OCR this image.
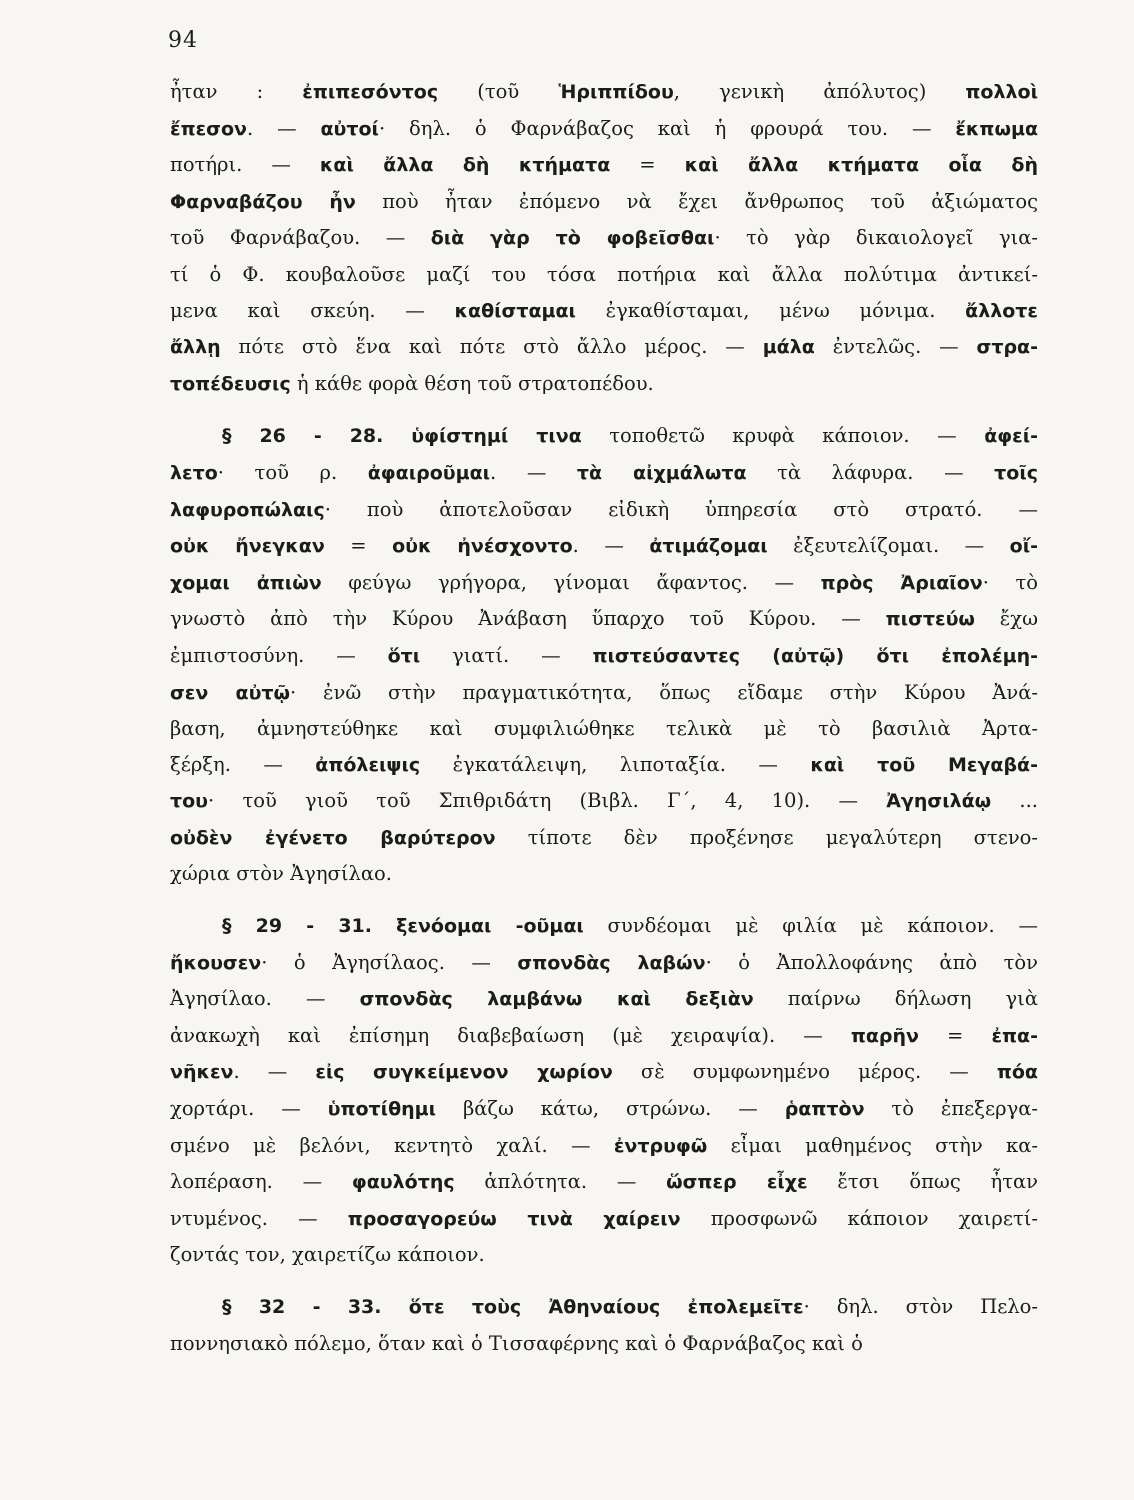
94
ἦταν : ἐπιπεσόντος (τοῦ Ἡριππίδου, γενικὴ ἀπόλυτος) πολλοὶ
ἔπεσον. — αὐτοί· δηλ. ὁ Φαρνάβαζος καὶ ἡ φρουρά του. — ἔκπωμα
ποτήρι. — καὶ ἄλλα δὴ κτήματα = καὶ ἄλλα κτήματα οἷα δὴ
Φαρναβάζου ἦν ποὺ ἦταν ἐπόμενο νὰ ἔχει ἄνθρωπος τοῦ ἀξιώματος
τοῦ Φαρνάβαζου. — διὰ γὰρ τὸ φοβεῖσθαι· τὸ γὰρ δικαιολογεῖ για-
τί ὁ Φ. κουβαλοῦσε μαζί του τόσα ποτήρια καὶ ἄλλα πολύτιμα ἀντικεί-
μενα καὶ σκεύη. — καθίσταμαι ἐγκαθίσταμαι, μένω μόνιμα. ἄλλοτε
ἄλλῃ πότε στὸ ἕνα καὶ πότε στὸ ἄλλο μέρος. — μάλα ἐντελῶς. — στρα-
τοπέδευσις ἡ κάθε φορὰ θέση τοῦ στρατοπέδου.
§ 26 - 28. ὑφίστημί τινα τοποθετῶ κρυφὰ κάποιον. — ἀφεί-
λετο· τοῦ ρ. ἀφαιροῦμαι. — τὰ αἰχμάλωτα τὰ λάφυρα. — τοῖς
λαφυροπώλαις· ποὺ ἀποτελοῦσαν εἰδικὴ ὑπηρεσία στὸ στρατό. —
οὐκ ἤνεγκαν = οὐκ ἠνέσχοντο. — ἀτιμάζομαι ἐξευτελίζομαι. — οἴ-
χομαι ἀπιὼν φεύγω γρήγορα, γίνομαι ἄφαντος. — πρὸς Ἀριαῖον· τὸ
γνωστὸ ἀπὸ τὴν Κύρου Ἀνάβαση ὕπαρχο τοῦ Κύρου. — πιστεύω ἔχω
ἐμπιστοσύνη. — ὅτι γιατί. — πιστεύσαντες (αὐτῷ) ὅτι ἐπολέμη-
σεν αὐτῷ· ἐνῶ στὴν πραγματικότητα, ὅπως εἴδαμε στὴν Κύρου Ἀνά-
βαση, ἀμνηστεύθηκε καὶ συμφιλιώθηκε τελικὰ μὲ τὸ βασιλιὰ Ἀρτα-
ξέρξη. — ἀπόλειψις ἐγκατάλειψη, λιποταξία. — καὶ τοῦ Μεγαβά-
του· τοῦ γιοῦ τοῦ Σπιθριδάτη (Βιβλ. Γ΄, 4, 10). — Ἀγησιλάῳ ...
οὐδὲν ἐγένετο βαρύτερον τίποτε δὲν προξένησε μεγαλύτερη στενο-
χώρια στὸν Ἀγησίλαο.
§ 29 - 31. ξενόομαι -οῦμαι συνδέομαι μὲ φιλία μὲ κάποιον. —
ἤκουσεν· ὁ Ἀγησίλαος. — σπονδὰς λαβών· ὁ Ἀπολλοφάνης ἀπὸ τὸν
Ἀγησίλαο. — σπονδὰς λαμβάνω καὶ δεξιὰν παίρνω δήλωση γιὰ
ἀνακωχὴ καὶ ἐπίσημη διαβεβαίωση (μὲ χειραψία). — παρῆν = ἐπα-
νῆκεν. — εἰς συγκείμενον χωρίον σὲ συμφωνημένο μέρος. — πόα
χορτάρι. — ὑποτίθημι βάζω κάτω, στρώνω. — ῥαπτὸν τὸ ἐπεξεργα-
σμένο μὲ βελόνι, κεντητὸ χαλί. — ἐντρυφῶ εἶμαι μαθημένος στὴν κα-
λοπέραση. — φαυλότης ἁπλότητα. — ὥσπερ εἶχε ἔτσι ὅπως ἦταν
ντυμένος. — προσαγορεύω τινὰ χαίρειν προσφωνῶ κάποιον χαιρετί-
ζοντάς τον, χαιρετίζω κάποιον.
§ 32 - 33. ὅτε τοὺς Ἀθηναίους ἐπολεμεῖτε· δηλ. στὸν Πελο-
ποννησιακὸ πόλεμο, ὅταν καὶ ὁ Τισσαφέρνης καὶ ὁ Φαρνάβαζος καὶ ὁ
